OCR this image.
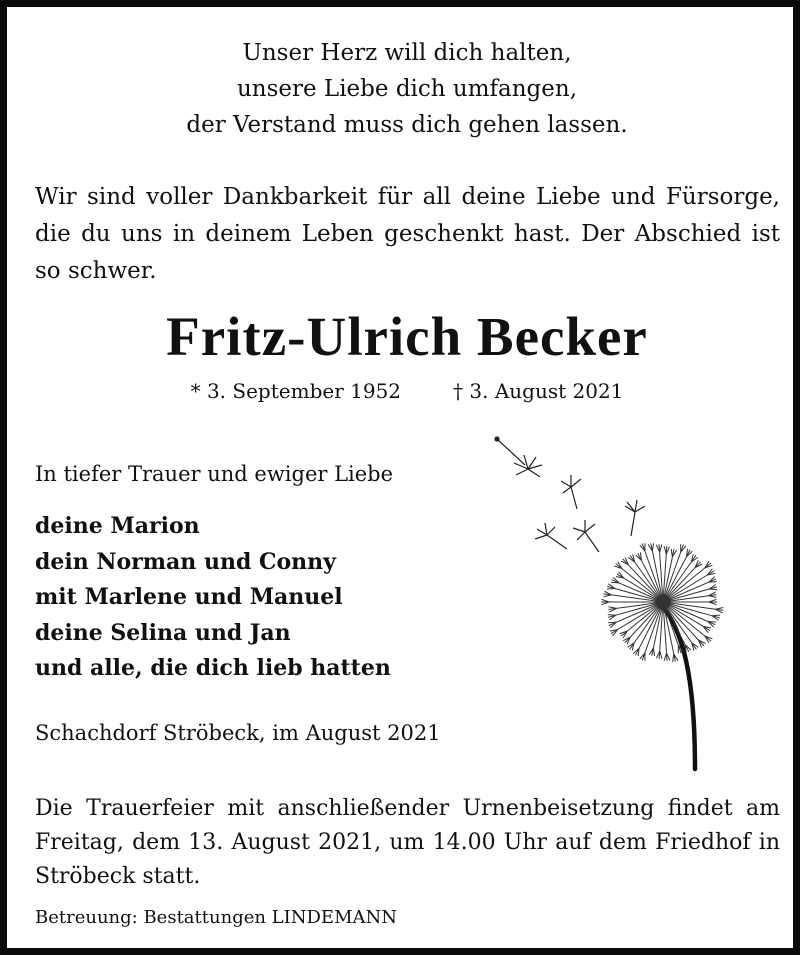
Unser Herz will dich halten,
unsere Liebe dich umfangen,
der Verstand muss dich gehen lassen.
Wir sind voller Dankbarkeit für all deine Liebe und Fürsorge, die du uns in deinem Leben geschenkt hast. Der Abschied ist so schwer.
Fritz-Ulrich Becker
* 3. September 1952	† 3. August 2021
In tiefer Trauer und ewiger Liebe
deine Marion
dein Norman und Conny
mit Marlene und Manuel
deine Selina und Jan
und alle, die dich lieb hatten
Schachdorf Ströbeck, im August 2021
Die Trauerfeier mit anschließender Urnenbeisetzung findet am Freitag, dem 13. August 2021, um 14.00 Uhr auf dem Friedhof in Ströbeck statt.
Betreuung: Bestattungen LINDEMANN
